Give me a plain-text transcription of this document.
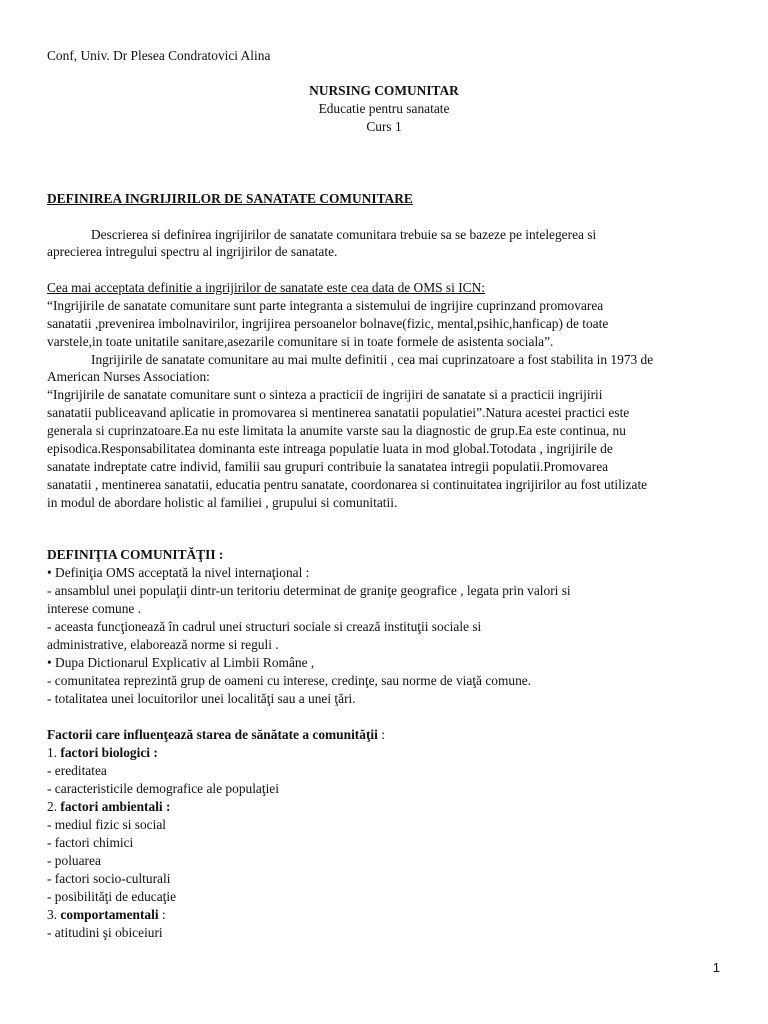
Conf, Univ. Dr Plesea Condratovici Alina
NURSING COMUNITAR
Educatie pentru sanatate
Curs 1
DEFINIREA INGRIJIRILOR DE SANATATE COMUNITARE
Descrierea si definirea ingrijirilor de sanatate comunitara trebuie sa se bazeze pe intelegerea si
aprecierea intregului spectru al ingrijirilor de sanatate.
Cea mai acceptata definitie a ingrijirilor de sanatate este cea data de OMS si ICN:
“Ingrijirile de sanatate comunitare sunt parte integranta a sistemului de ingrijire cuprinzand promovarea
sanatatii ,prevenirea imbolnavirilor, ingrijirea persoanelor bolnave(fizic, mental,psihic,hanficap) de toate
varstele,in toate unitatile sanitare,asezarile comunitare si in toate formele de asistenta sociala”.
Ingrijirile de sanatate comunitare au mai multe definitii , cea mai cuprinzatoare a fost stabilita in 1973 de
American Nurses Association:
“Ingrijirile de sanatate comunitare sunt o sinteza a practicii de ingrijiri de sanatate si a practicii ingrijirii
sanatatii publiceavand aplicatie in promovarea si mentinerea sanatatii populatiei”.Natura acestei practici este
generala si cuprinzatoare.Ea nu este limitata la anumite varste sau la diagnostic de grup.Ea este continua, nu
episodica.Responsabilitatea dominanta este intreaga populatie luata in mod global.Totodata , ingrijirile de
sanatate indreptate catre individ, familii sau grupuri contribuie la sanatatea intregii populatii.Promovarea
sanatatii , mentinerea sanatatii, educatia pentru sanatate, coordonarea si continuitatea ingrijirilor au fost utilizate
in modul de abordare holistic al familiei , grupului si comunitatii.
DEFINIŢIA COMUNITĂŢII :
• Definiţia OMS acceptată la nivel internaţional :
- ansamblul unei populaţii dintr-un teritoriu determinat de graniţe geografice , legata prin valori si
interese comune .
- aceasta funcţionează în cadrul unei structuri sociale si crează instituţii sociale si
administrative, elaborează norme si reguli .
• Dupa Dictionarul Explicativ al Limbii Române ,
- comunitatea reprezintă grup de oameni cu interese, credinţe, sau norme de viaţă comune.
- totalitatea unei locuitorilor unei localităţi sau a unei ţări.
Factorii care influenţează starea de sănătate a comunităţii :
1. factori biologici :
- ereditatea
- caracteristicile demografice ale populaţiei
2. factori ambientali :
- mediul fizic si social
- factori chimici
- poluarea
- factori socio-culturali
- posibilităţi de educaţie
3. comportamentali :
- atitudini şi obiceiuri
1
